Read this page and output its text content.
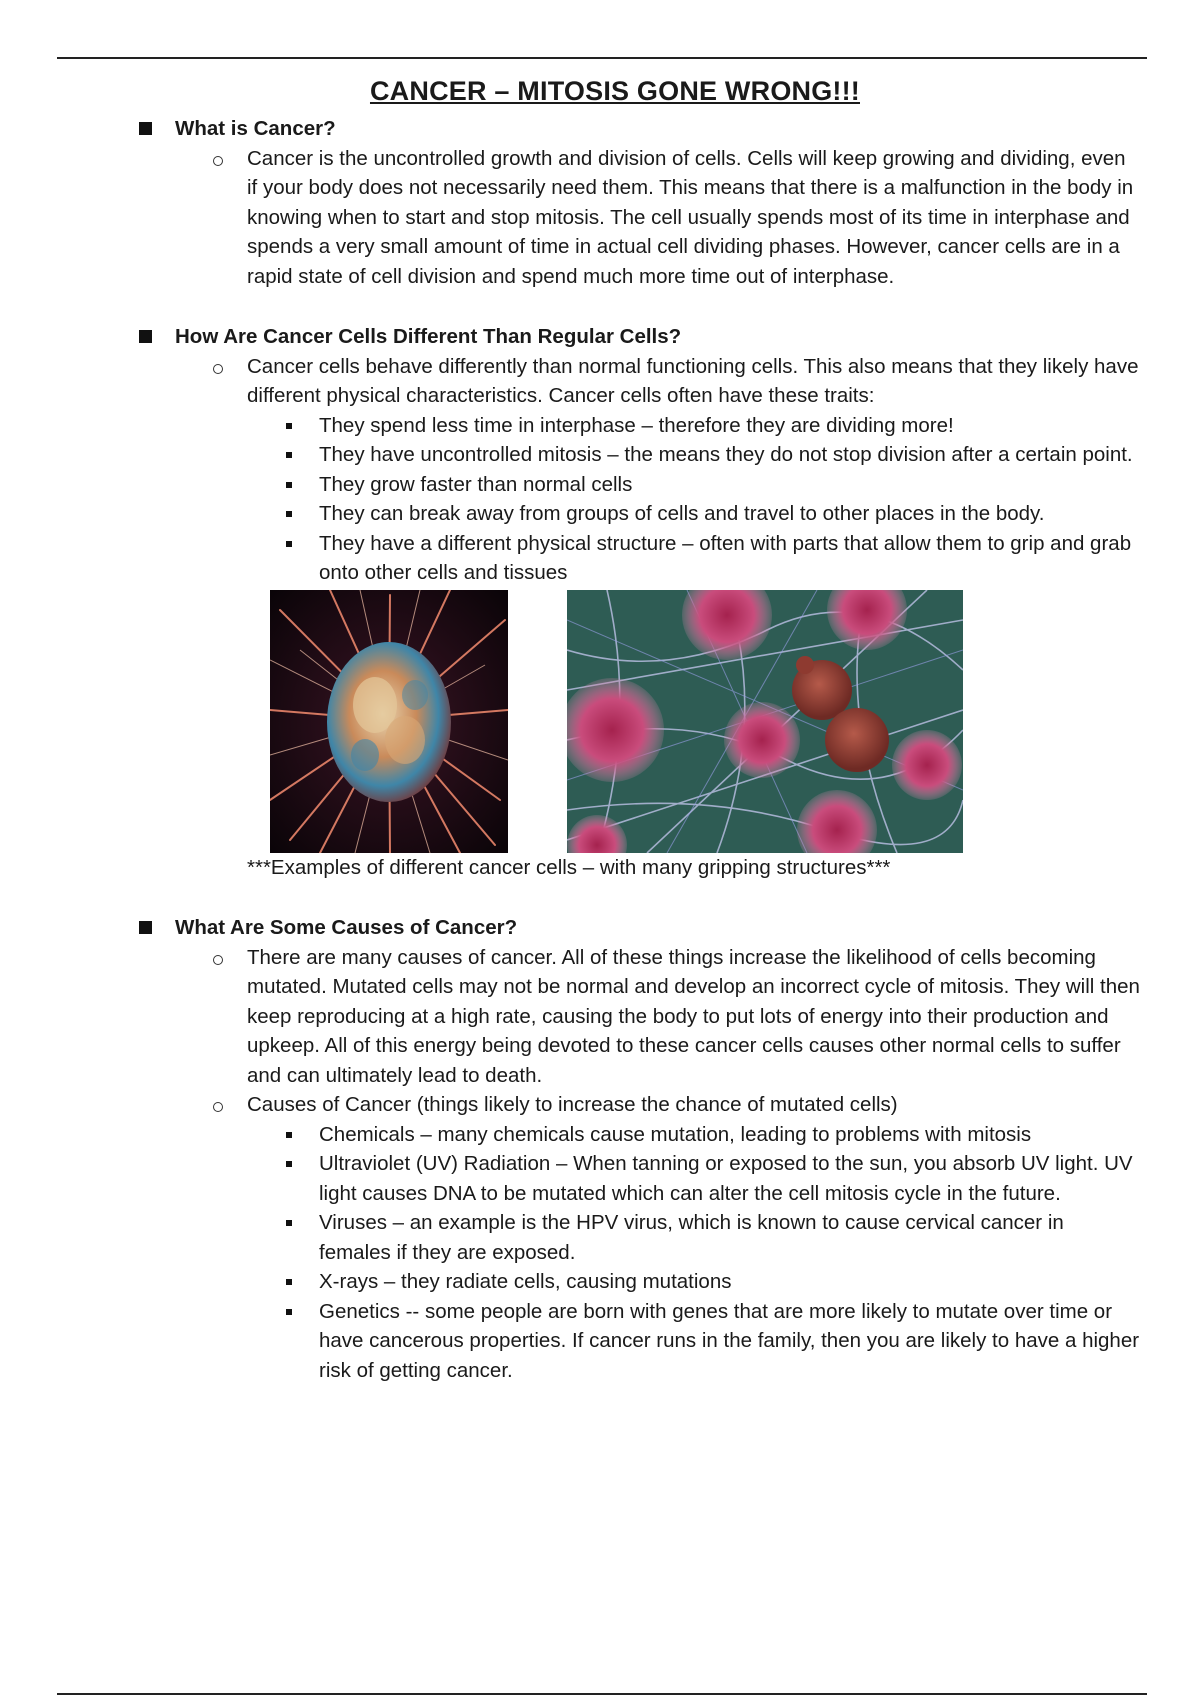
CANCER – MITOSIS GONE WRONG!!!
What is Cancer?
Cancer is the uncontrolled growth and division of cells. Cells will keep growing and dividing, even if your body does not necessarily need them. This means that there is a malfunction in the body in knowing when to start and stop mitosis. The cell usually spends most of its time in interphase and spends a very small amount of time in actual cell dividing phases. However, cancer cells are in a rapid state of cell division and spend much more time out of interphase.
How Are Cancer Cells Different Than Regular Cells?
Cancer cells behave differently than normal functioning cells. This also means that they likely have different physical characteristics. Cancer cells often have these traits:
They spend less time in interphase – therefore they are dividing more!
They have uncontrolled mitosis – the means they do not stop division after a certain point.
They grow faster than normal cells
They can break away from groups of cells and travel to other places in the body.
They have a different physical structure – often with parts that allow them to grip and grab onto other cells and tissues
***Examples of different cancer cells – with many gripping structures***
What Are Some Causes of Cancer?
There are many causes of cancer. All of these things increase the likelihood of cells becoming mutated. Mutated cells may not be normal and develop an incorrect cycle of mitosis. They will then keep reproducing at a high rate, causing the body to put lots of energy into their production and upkeep. All of this energy being devoted to these cancer cells causes other normal cells to suffer and can ultimately lead to death.
Causes of Cancer (things likely to increase the chance of mutated cells)
Chemicals – many chemicals cause mutation, leading to problems with mitosis
Ultraviolet (UV) Radiation – When tanning or exposed to the sun, you absorb UV light. UV light causes DNA to be mutated which can alter the cell mitosis cycle in the future.
Viruses – an example is the HPV virus, which is known to cause cervical cancer in females if they are exposed.
X-rays – they radiate cells, causing mutations
Genetics -- some people are born with genes that are more likely to mutate over time or have cancerous properties. If cancer runs in the family, then you are likely to have a higher risk of getting cancer.
